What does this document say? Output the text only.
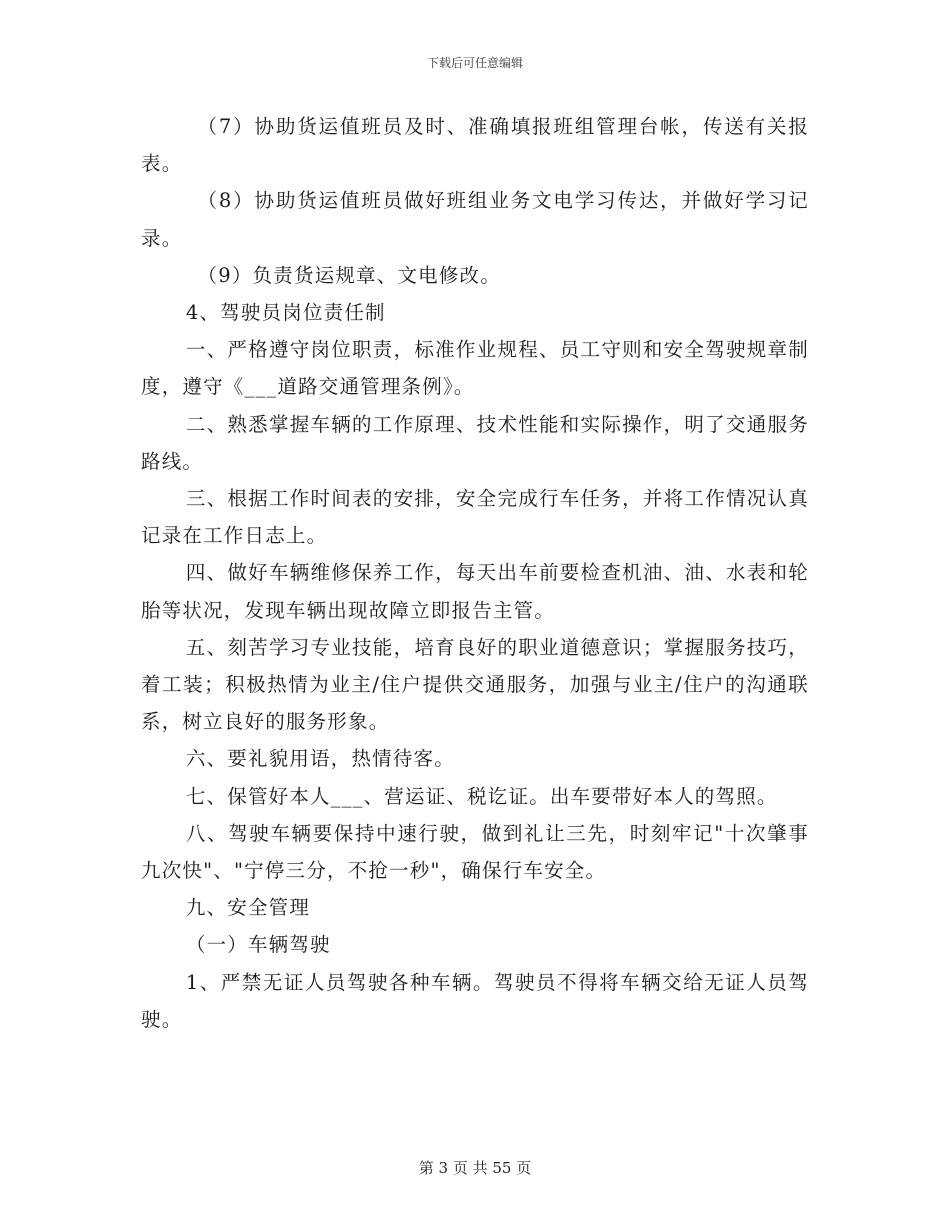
下载后可任意编辑

（7）协助货运值班员及时、准确填报班组管理台帐，传送有关报表。

（8）协助货运值班员做好班组业务文电学习传达，并做好学习记录。

（9）负责货运规章、文电修改。

4、驾驶员岗位责任制

一、严格遵守岗位职责，标准作业规程、员工守则和安全驾驶规章制度，遵守《___道路交通管理条例》。

二、熟悉掌握车辆的工作原理、技术性能和实际操作，明了交通服务路线。

三、根据工作时间表的安排，安全完成行车任务，并将工作情况认真记录在工作日志上。

四、做好车辆维修保养工作，每天出车前要检查机油、油、水表和轮胎等状况，发现车辆出现故障立即报告主管。

五、刻苦学习专业技能，培育良好的职业道德意识；掌握服务技巧，着工装；积极热情为业主/住户提供交通服务，加强与业主/住户的沟通联系，树立良好的服务形象。

六、要礼貌用语，热情待客。

七、保管好本人___、营运证、税讫证。出车要带好本人的驾照。

八、驾驶车辆要保持中速行驶，做到礼让三先，时刻牢记"十次肇事九次快"、"宁停三分，不抢一秒"，确保行车安全。

九、安全管理

（一）车辆驾驶

1、严禁无证人员驾驶各种车辆。驾驶员不得将车辆交给无证人员驾驶。

第 3 页 共 55 页
